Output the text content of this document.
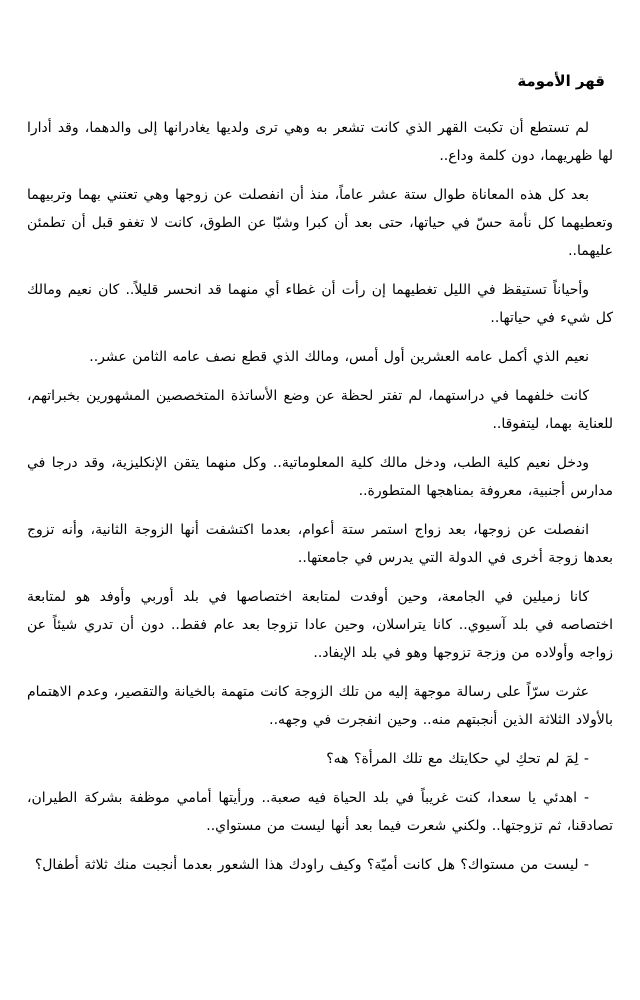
قهر الأمومة

لم تستطع أن تكبت القهر الذي كانت تشعر به وهي ترى ولديها يغادرانها إلى والدهما، وقد أدارا لها ظهريهما، دون كلمة وداع..

بعد كل هذه المعاناة طوال ستة عشر عاماً، منذ أن انفصلت عن زوجها وهي تعتني بهما وتربيهما وتعطيهما كل نأمة حسّ في حياتها، حتى بعد أن كبرا وشبّا عن الطوق، كانت لا تغفو قبل أن تطمئن عليهما..

وأحياناً تستيقظ في الليل تغطيهما إن رأت أن غطاء أي منهما قد انحسر قليلاً.. كان نعيم ومالك كل شيء في حياتها..

نعيم الذي أكمل عامه العشرين أول أمس، ومالك الذي قطع نصف عامه الثامن عشر..

كانت خلفهما في دراستهما، لم تفتر لحظة عن وضع الأساتذة المتخصصين المشهورين بخبراتهم، للعناية بهما، ليتفوقا..

ودخل نعيم كلية الطب، ودخل مالك كلية المعلوماتية.. وكل منهما يتقن الإنكليزية، وقد درجا في مدارس أجنبية، معروفة بمناهجها المتطورة..

انفصلت عن زوجها، بعد زواج استمر ستة أعوام، بعدما اكتشفت أنها الزوجة الثانية، وأنه تزوج بعدها زوجة أخرى في الدولة التي يدرس في جامعتها..

كانا زميلين في الجامعة، وحين أوفدت لمتابعة اختصاصها في بلد أوربي وأوفد هو لمتابعة اختصاصه في بلد آسيوي.. كانا يتراسلان، وحين عادا تزوجا بعد عام فقط.. دون أن تدري شيئاً عن زواجه وأولاده من وزجة تزوجها وهو في بلد الإيفاد..

عثرت سرّاً على رسالة موجهة إليه من تلك الزوجة كانت متهمة بالخيانة والتقصير، وعدم الاهتمام بالأولاد الثلاثة الذين أنجبتهم منه.. وحين انفجرت في وجهه..

- لِمَ لم تحكِ لي حكايتك مع تلك المرأة؟ هه؟

- اهدئي يا سعدا، كنت غريباً في بلد الحياة فيه صعبة.. ورأيتها أمامي موظفة بشركة الطيران، تصادقنا، ثم تزوجتها.. ولكني شعرت فيما بعد أنها ليست من مستواي..

- ليست من مستواك؟ هل كانت أميّة؟ وكيف راودك هذا الشعور بعدما أنجبت منك ثلاثة أطفال؟
